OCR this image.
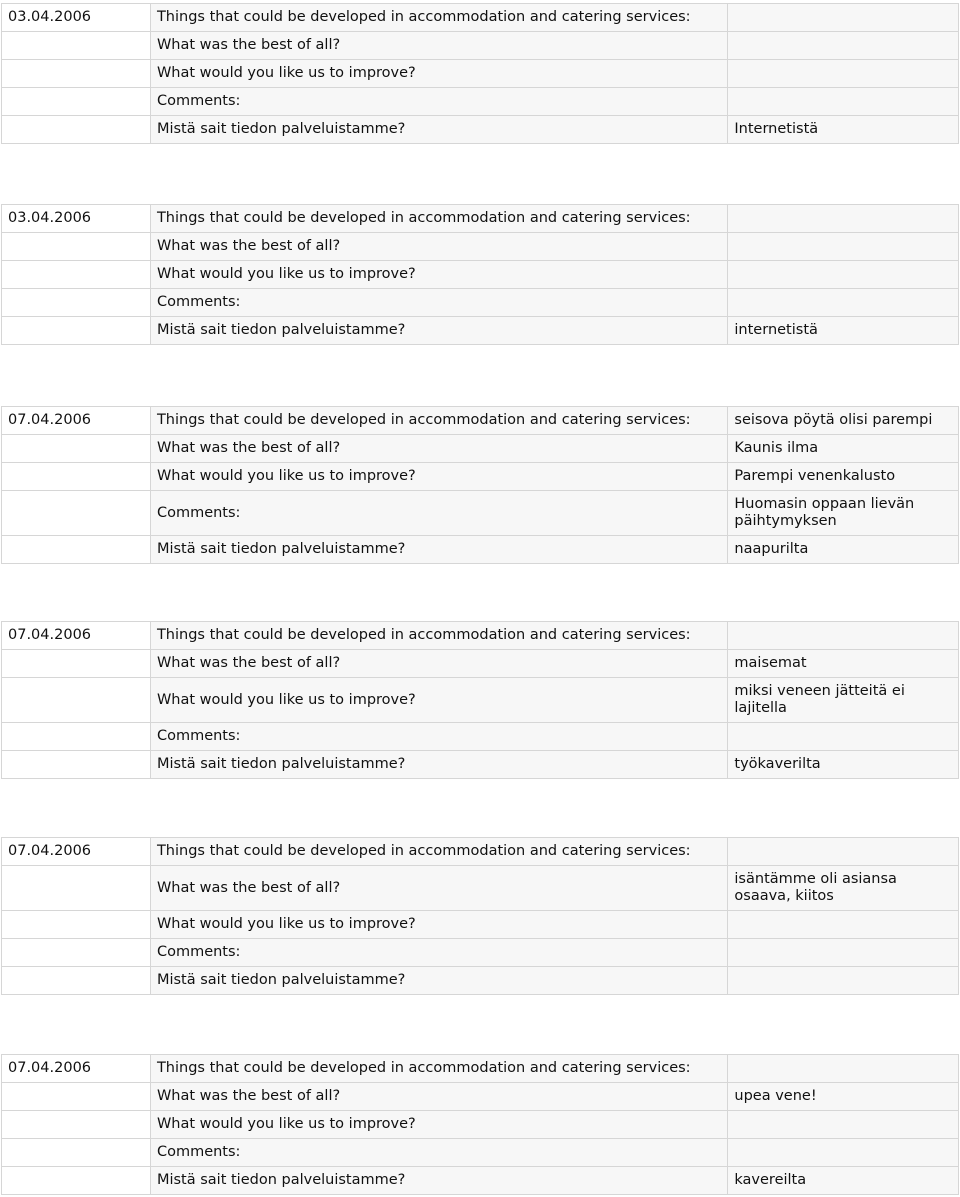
03.04.2006	Things that could be developed in accommodation and catering services:	
	What was the best of all?	
	What would you like us to improve?	
	Comments:	
	Mistä sait tiedon palveluistamme?	Internetistä
03.04.2006	Things that could be developed in accommodation and catering services:	
	What was the best of all?	
	What would you like us to improve?	
	Comments:	
	Mistä sait tiedon palveluistamme?	internetistä
07.04.2006	Things that could be developed in accommodation and catering services:	seisova pöytä olisi parempi
	What was the best of all?	Kaunis ilma
	What would you like us to improve?	Parempi venenkalusto
	Comments:	Huomasin oppaan lievän päihtymyksen
	Mistä sait tiedon palveluistamme?	naapurilta
07.04.2006	Things that could be developed in accommodation and catering services:	
	What was the best of all?	maisemat
	What would you like us to improve?	miksi veneen jätteitä ei lajitella
	Comments:	
	Mistä sait tiedon palveluistamme?	työkaverilta
07.04.2006	Things that could be developed in accommodation and catering services:	
	What was the best of all?	isäntämme oli asiansa osaava, kiitos
	What would you like us to improve?	
	Comments:	
	Mistä sait tiedon palveluistamme?	
07.04.2006	Things that could be developed in accommodation and catering services:	
	What was the best of all?	upea vene!
	What would you like us to improve?	
	Comments:	
	Mistä sait tiedon palveluistamme?	kavereilta
